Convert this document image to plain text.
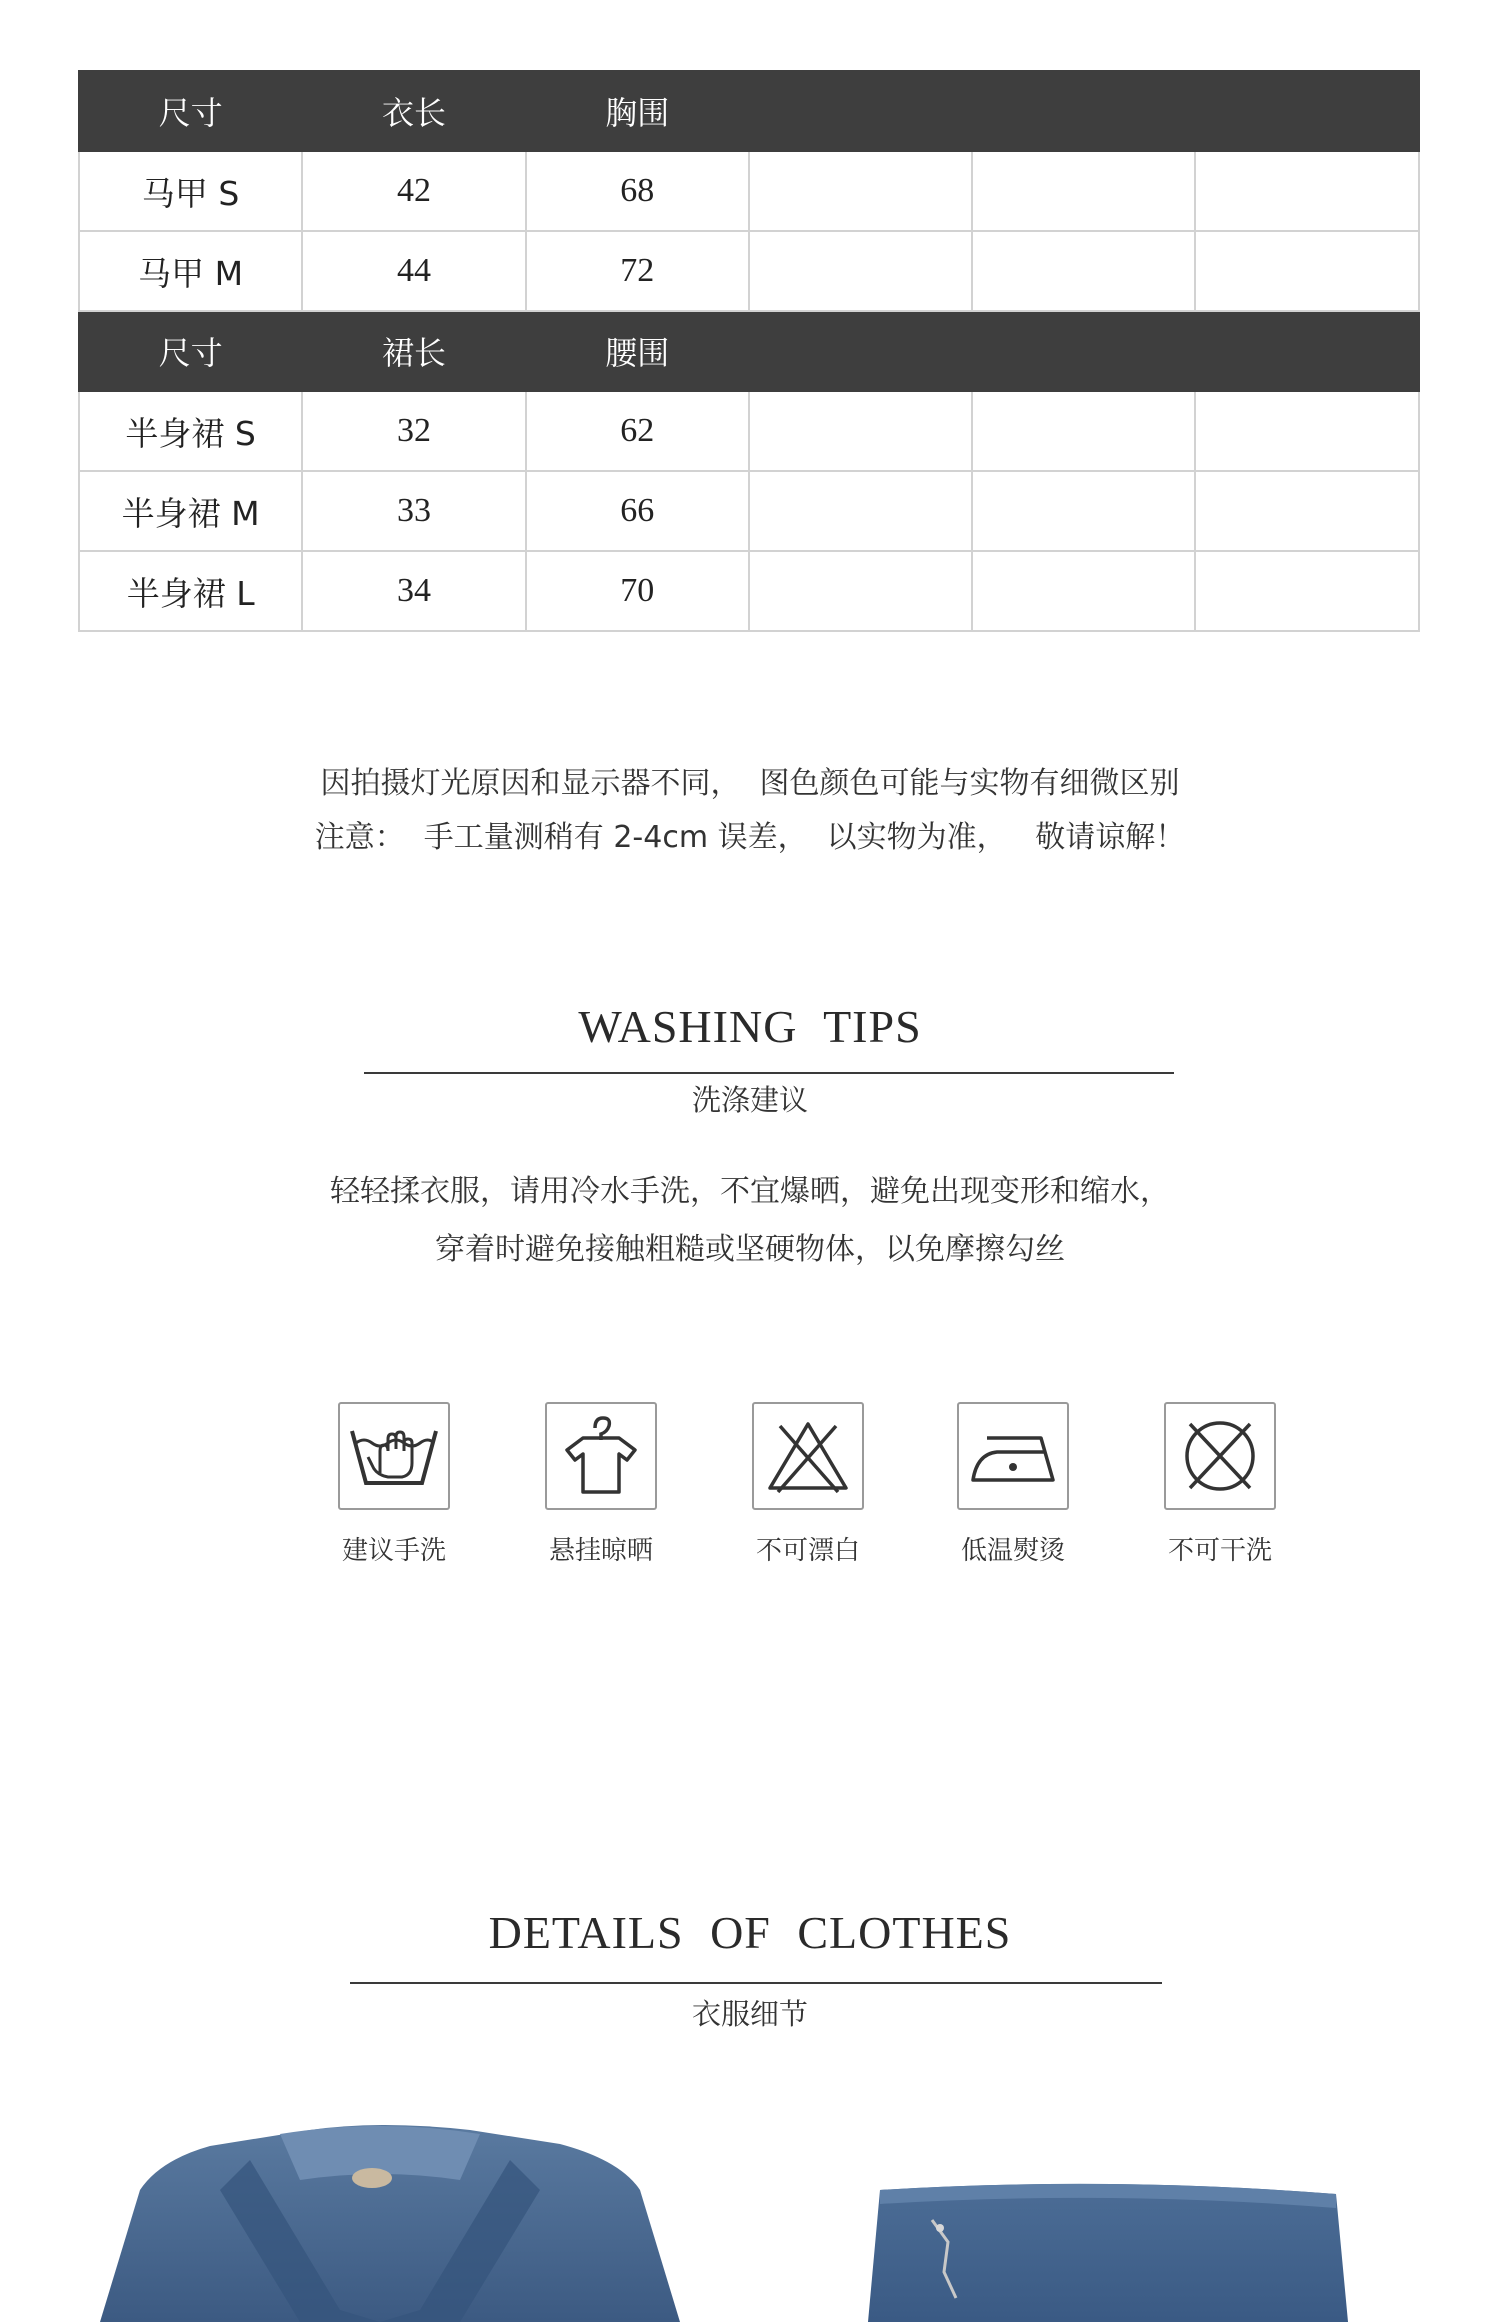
尺寸	衣长	胸围			
马甲 S	42	68			
马甲 M	44	72			
尺寸	裙长	腰围			
半身裙 S	32	62			
半身裙 M	33	66			
半身裙 L	34	70			
因拍摄灯光原因和显示器不同，  图色颜色可能与实物有细微区别
注意：  手工量测稍有 2-4cm 误差，  以实物为准，   敬请谅解！
WASHING TIPS
洗涤建议
轻轻揉衣服，请用冷水手洗，不宜爆晒，避免出现变形和缩水，
穿着时避免接触粗糙或坚硬物体，以免摩擦勾丝
建议手洗	悬挂晾晒	不可漂白	低温熨烫	不可干洗
DETAILS OF CLOTHES
衣服细节
